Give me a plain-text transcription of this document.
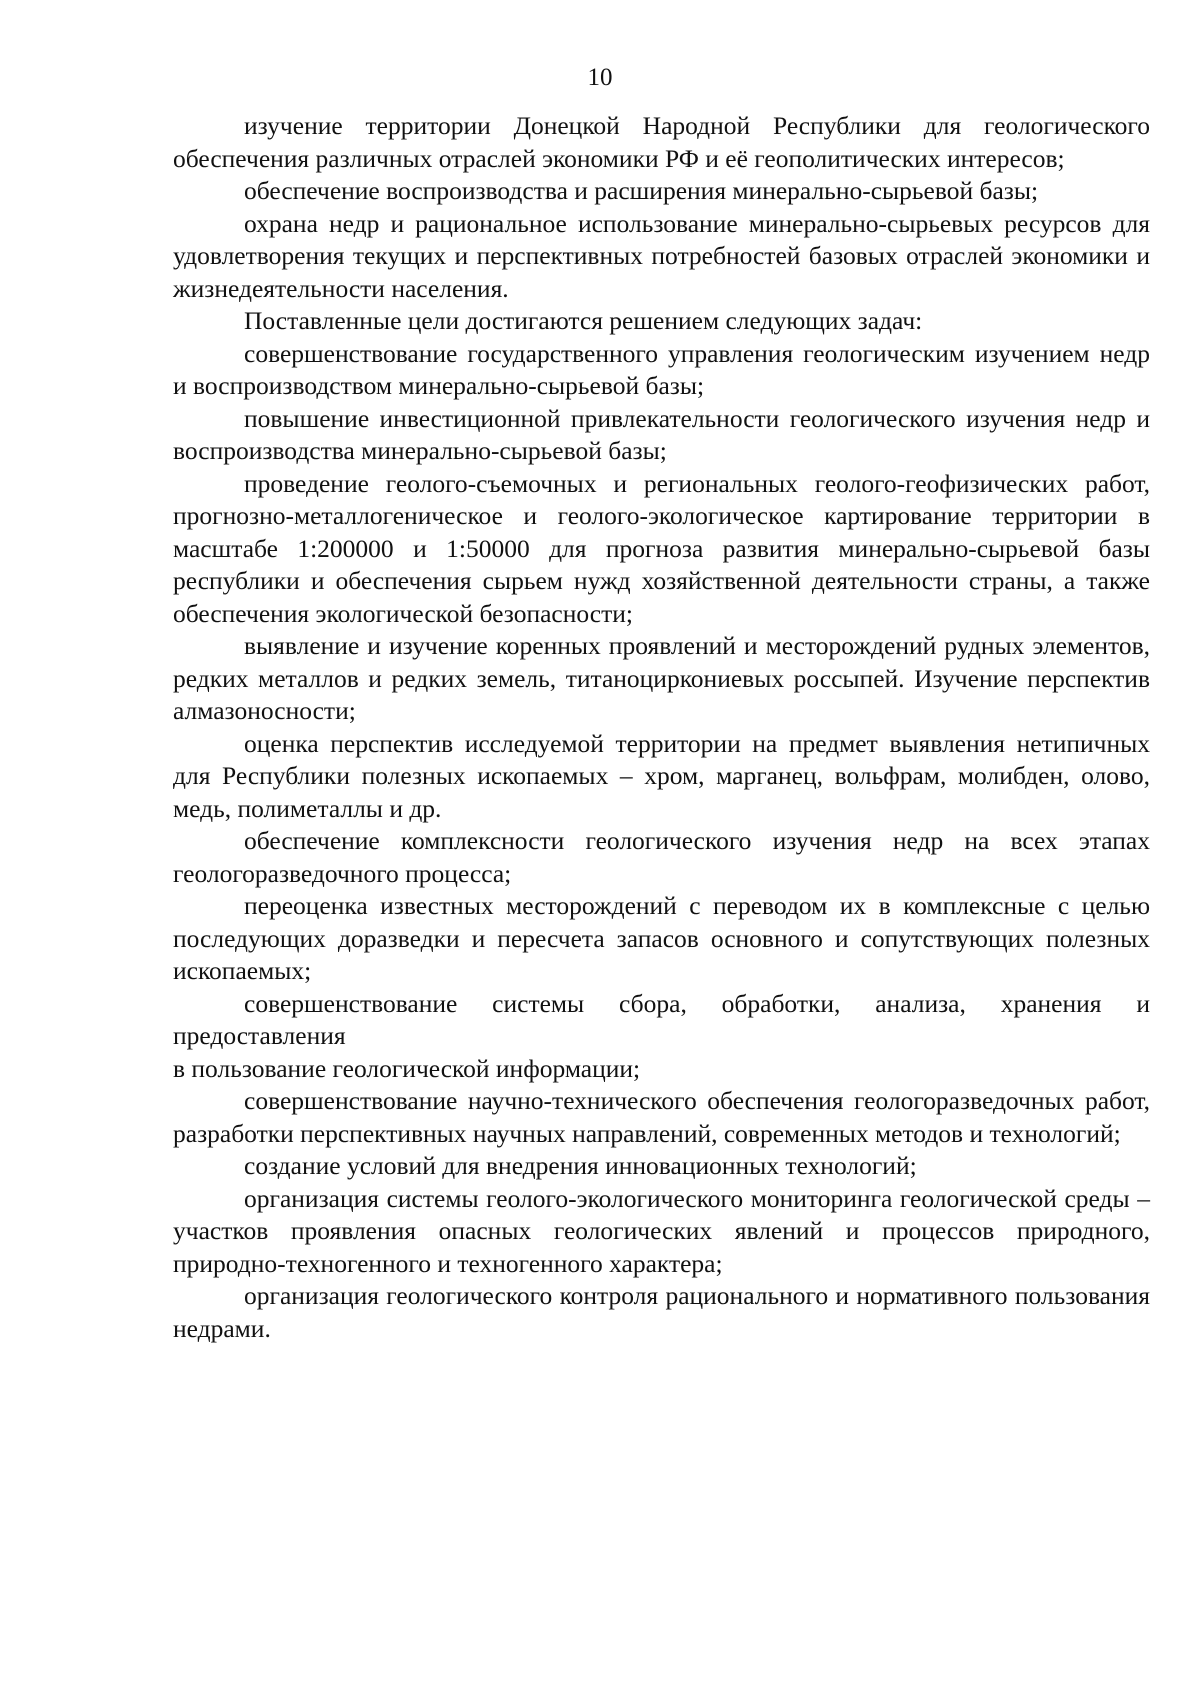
10

изучение территории Донецкой Народной Республики для геологического обеспечения различных отраслей экономики РФ и её геополитических интересов;

обеспечение воспроизводства и расширения минерально-сырьевой базы;

охрана недр и рациональное использование минерально-сырьевых ресурсов для удовлетворения текущих и перспективных потребностей базовых отраслей экономики и жизнедеятельности населения.

Поставленные цели достигаются решением следующих задач:

совершенствование государственного управления геологическим изучением недр и воспроизводством минерально-сырьевой базы;

повышение инвестиционной привлекательности геологического изучения недр и воспроизводства минерально-сырьевой базы;

проведение геолого-съемочных и региональных геолого-геофизических работ, прогнозно-металлогеническое и геолого-экологическое картирование территории в масштабе 1:200000 и 1:50000 для прогноза развития минерально-сырьевой базы республики и обеспечения сырьем нужд хозяйственной деятельности страны, а также обеспечения экологической безопасности;

выявление и изучение коренных проявлений и месторождений рудных элементов, редких металлов и редких земель, титаноциркониевых россыпей. Изучение перспектив алмазоносности;

оценка перспектив исследуемой территории на предмет выявления нетипичных для Республики полезных ископаемых – хром, марганец, вольфрам, молибден, олово, медь, полиметаллы и др.

обеспечение комплексности геологического изучения недр на всех этапах геологоразведочного процесса;

переоценка известных месторождений с переводом их в комплексные с целью последующих доразведки и пересчета запасов основного и сопутствующих полезных ископаемых;

совершенствование системы сбора, обработки, анализа, хранения и предоставления

в пользование геологической информации;

совершенствование научно-технического обеспечения геологоразведочных работ, разработки перспективных научных направлений, современных методов и технологий;

создание условий для внедрения инновационных технологий;

организация системы геолого-экологического мониторинга геологической среды – участков проявления опасных геологических явлений и процессов природного, природно-техногенного и техногенного характера;

организация геологического контроля рационального и нормативного пользования недрами.
